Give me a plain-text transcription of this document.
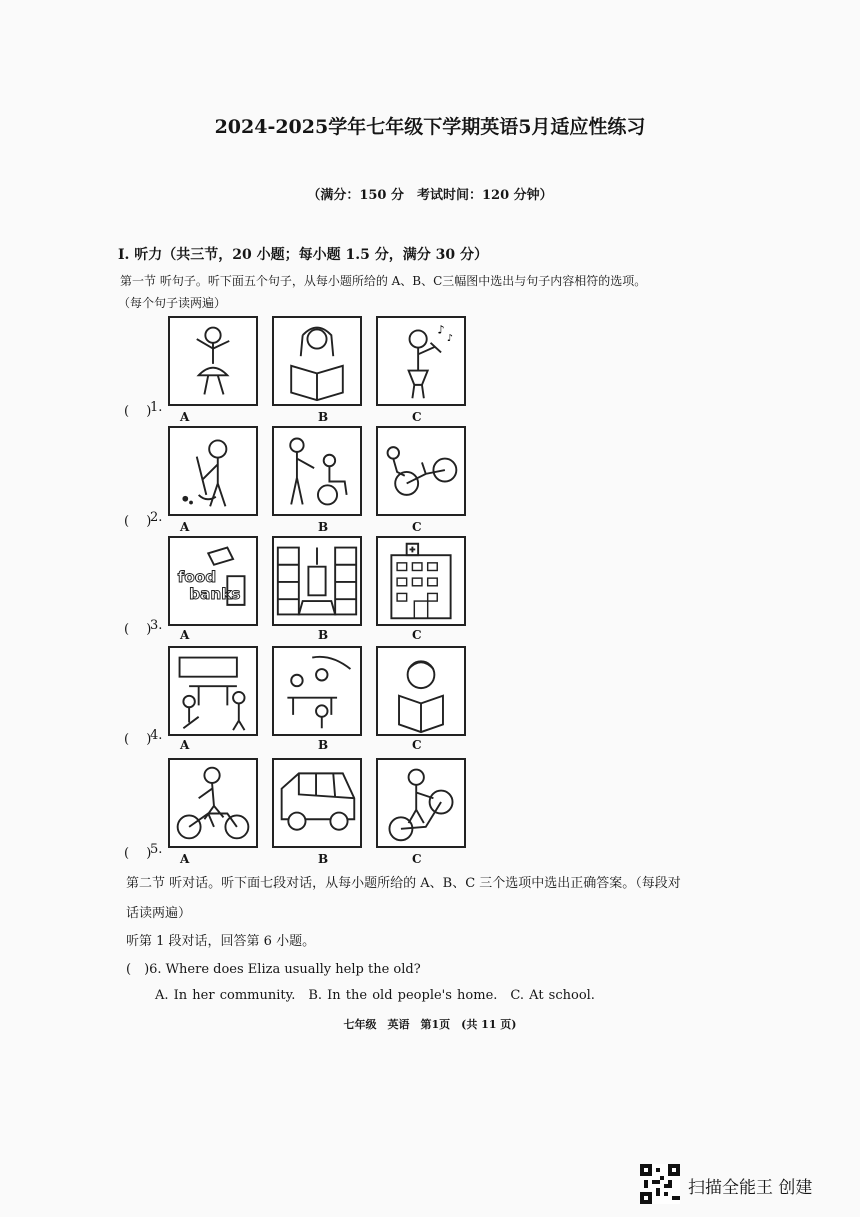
2024-2025学年七年级下学期英语5月适应性练习
（满分：150 分　考试时间：120 分钟）
I. 听力（共三节，20 小题；每小题 1.5 分，满分 30 分）
第一节 听句子。听下面五个句子，从每小题所给的 A、B、C三幅图中选出与句子内容相符的选项。
（每个句子读两遍）
♪
♪
food
banks
第二节 听对话。听下面七段对话，从每小题所给的 A、B、C 三个选项中选出正确答案。（每段对
话读两遍）
听第 1 段对话，回答第 6 小题。
(　)6. Where does Eliza usually help the old?
A. In her community.　B. In the old people's home.　C. At school.
七年级　英语　第1页　(共 11 页)
扫描全能王 创建
(　 )
1.
A	B	C
(　 )
2.
A	B	C
(　 )
3.
A	B	C
(　 )
4.
A	B	C
(　 )
5.
A	B	C
